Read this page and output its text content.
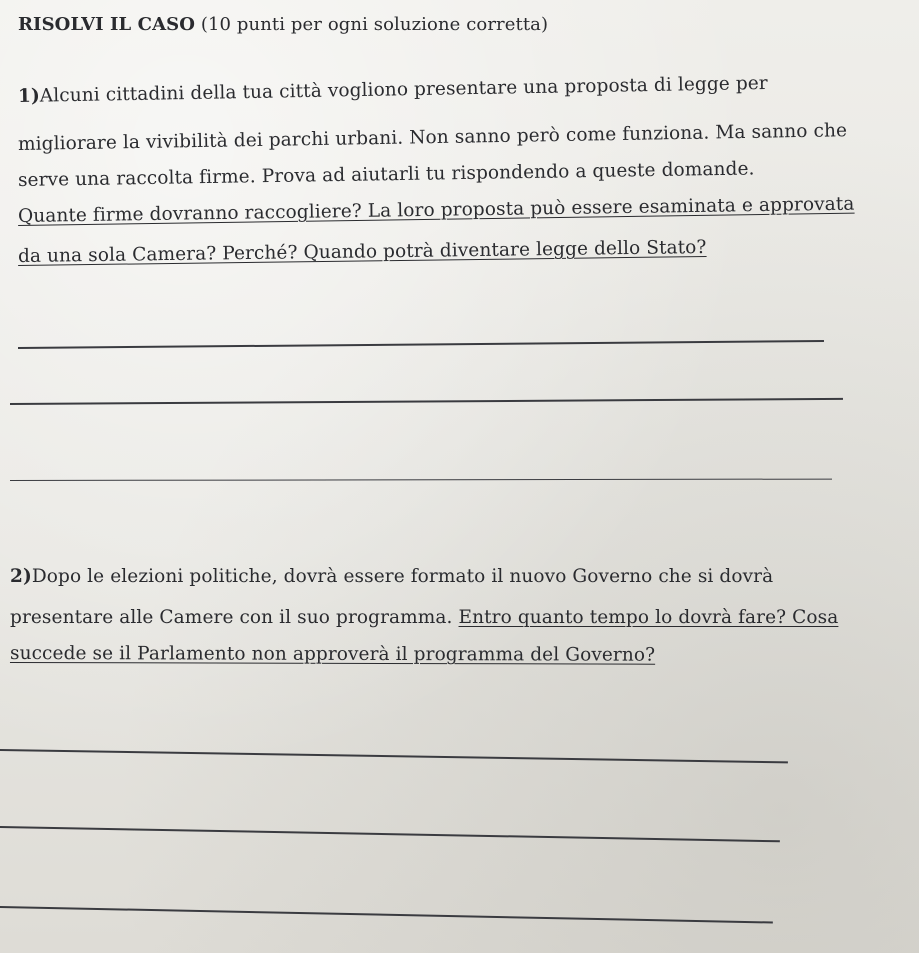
RISOLVI IL CASO (10 punti per ogni soluzione corretta)
1)Alcuni cittadini della tua città vogliono presentare una proposta di legge per
migliorare la vivibilità dei parchi urbani. Non sanno però come funziona. Ma sanno che
serve una raccolta firme. Prova ad aiutarli tu rispondendo a queste domande.
Quante firme dovranno raccogliere? La loro proposta può essere esaminata e approvata
da una sola Camera? Perché? Quando potrà diventare legge dello Stato?
2)Dopo le elezioni politiche, dovrà essere formato il nuovo Governo che si dovrà
presentare alle Camere con il suo programma. Entro quanto tempo lo dovrà fare? Cosa
succede se il Parlamento non approverà il programma del Governo?
